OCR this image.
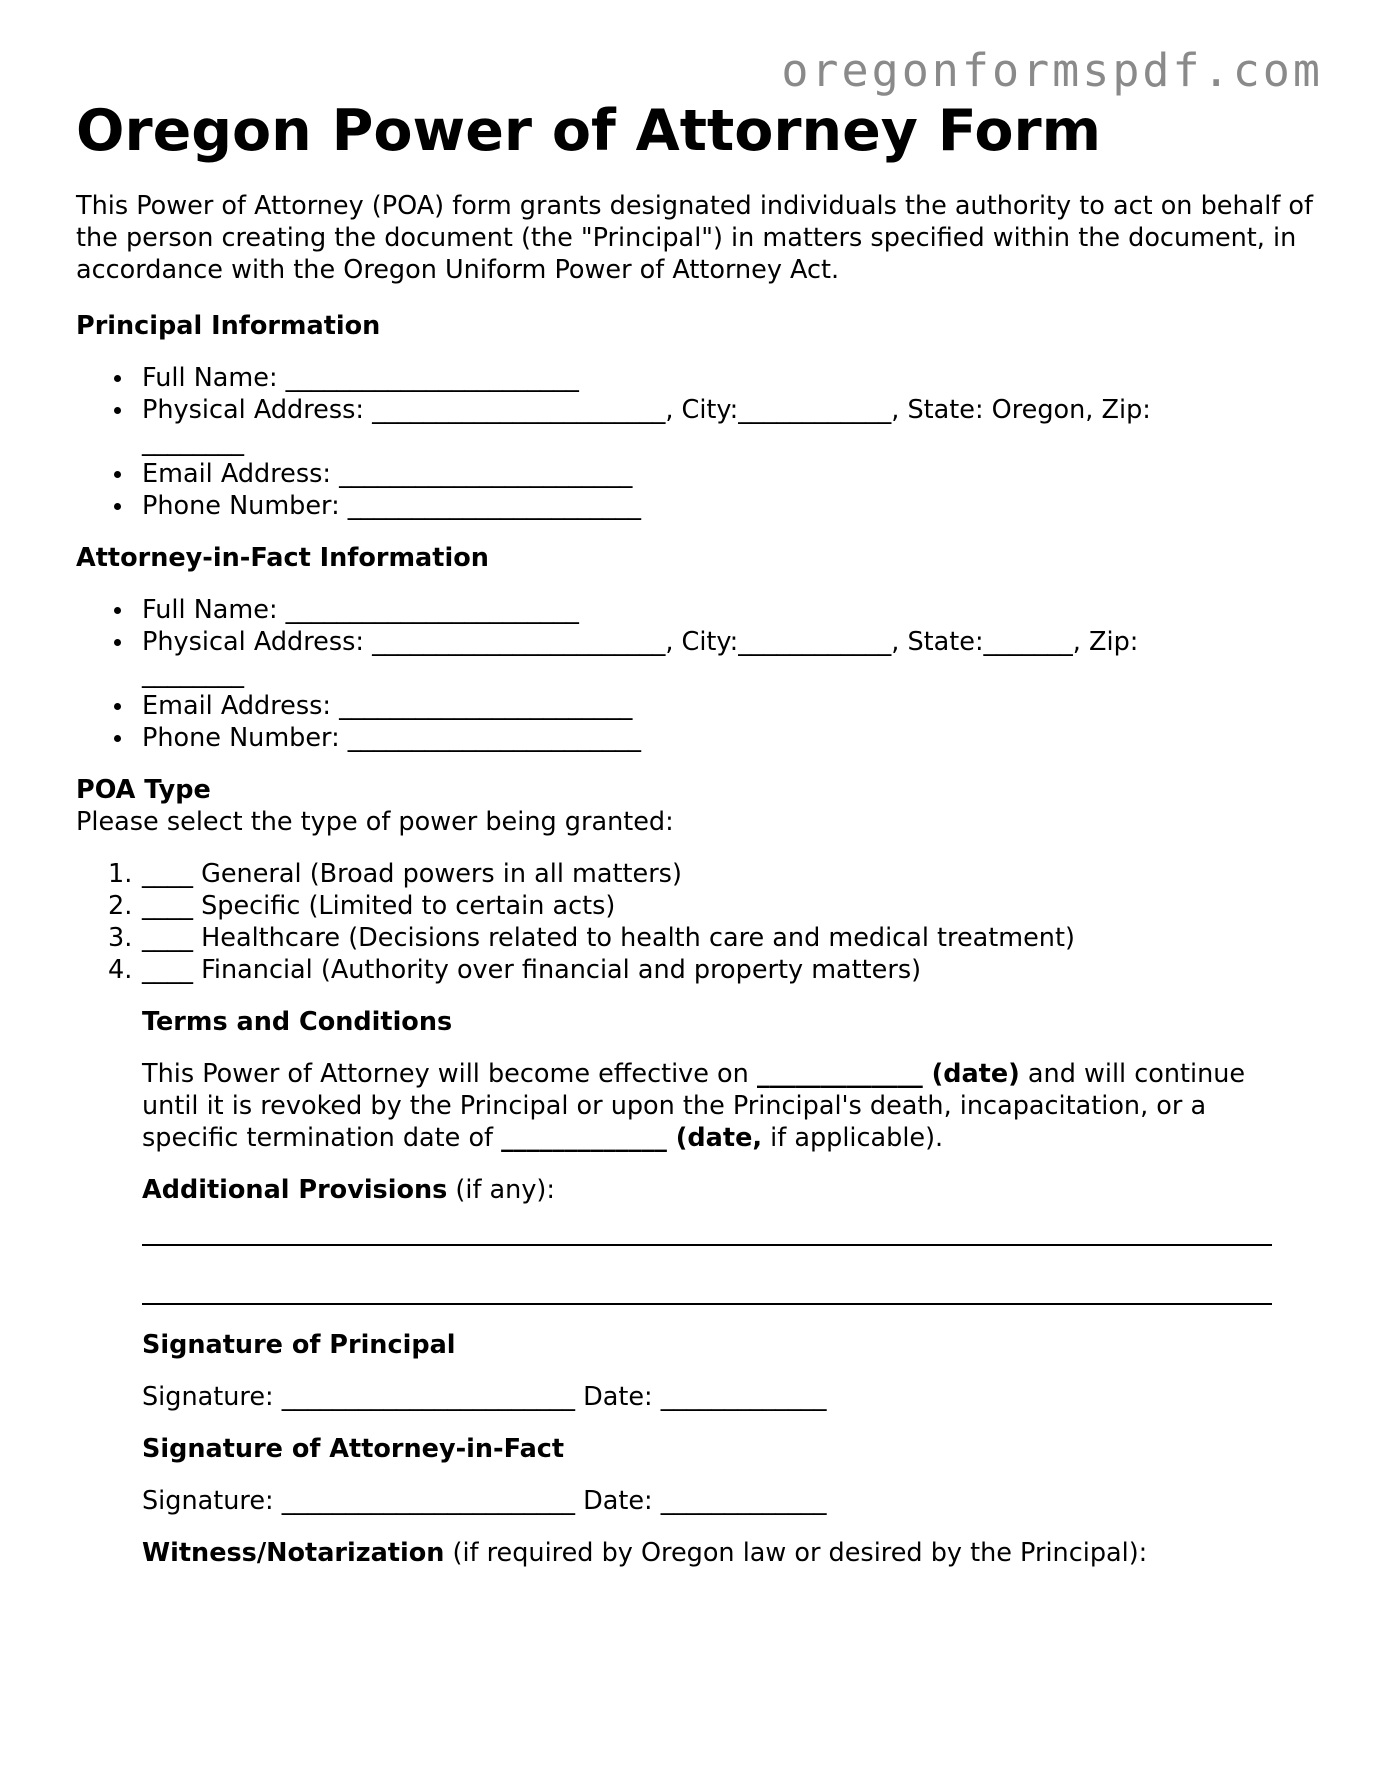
oregonformspdf.com
Oregon Power of Attorney Form

This Power of Attorney (POA) form grants designated individuals the authority to act on behalf of the person creating the document (the "Principal") in matters specified within the document, in accordance with the Oregon Uniform Power of Attorney Act.

Principal Information
Full Name: _______________________
Physical Address: _______________________, City:____________, State: Oregon, Zip: ________
Email Address: _______________________
Phone Number: _______________________
Attorney-in-Fact Information
Full Name: _______________________
Physical Address: _______________________, City:____________, State:_______, Zip: ________
Email Address: _______________________
Phone Number: _______________________
POA Type
Please select the type of power being granted:
1. ____ General (Broad powers in all matters)
2. ____ Specific (Limited to certain acts)
3. ____ Healthcare (Decisions related to health care and medical treatment)
4. ____ Financial (Authority over financial and property matters)
Terms and Conditions
This Power of Attorney will become effective on _____________ (date) and will continue until it is revoked by the Principal or upon the Principal's death, incapacitation, or a specific termination date of _____________ (date, if applicable).
Additional Provisions (if any):
Signature of Principal
Signature: _______________________ Date: _____________
Signature of Attorney-in-Fact
Signature: _______________________ Date: _____________
Witness/Notarization (if required by Oregon law or desired by the Principal):
